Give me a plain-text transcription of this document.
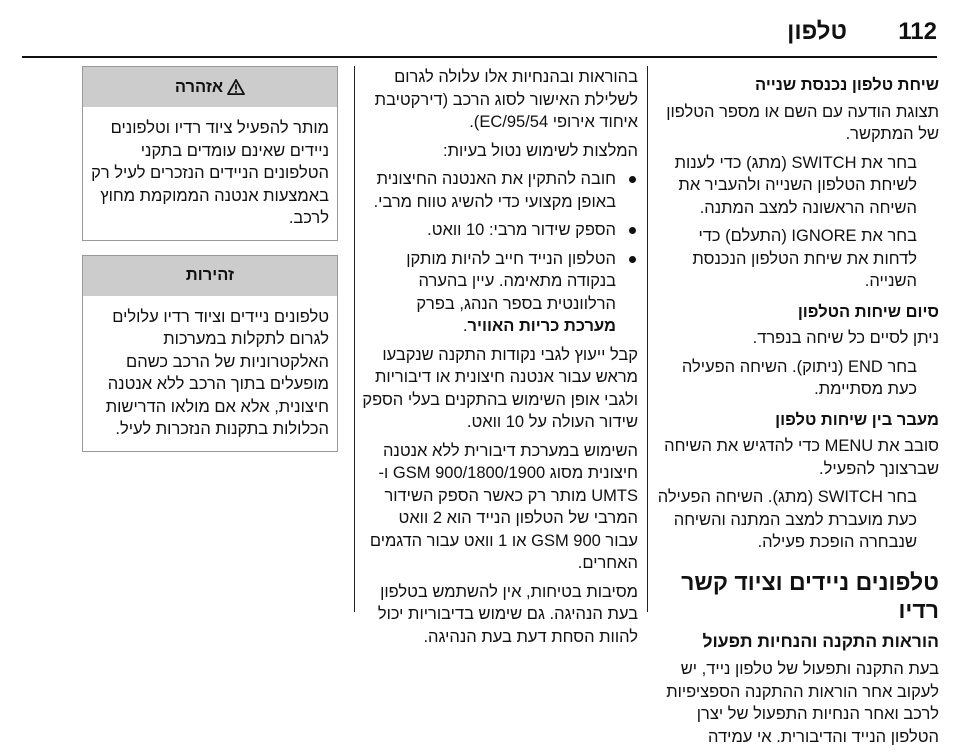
112
טלפון
שיחת טלפון נכנסת שנייה

תצוגת הודעה עם השם או מספר הטלפון של המתקשר.

בחר את SWITCH (מתג) כדי לענות לשיחת הטלפון השנייה ולהעביר את השיחה הראשונה למצב המתנה.

בחר את IGNORE (התעלם) כדי לדחות את שיחת הטלפון הנכנסת השנייה.

סיום שיחות הטלפון

ניתן לסיים כל שיחה בנפרד.

בחר END (ניתוק). השיחה הפעילה כעת מסתיימת.

מעבר בין שיחות טלפון

סובב את MENU כדי להדגיש את השיחה שברצונך להפעיל.

בחר SWITCH (מתג). השיחה הפעילה כעת מועברת למצב המתנה והשיחה שנבחרה הופכת פעילה.

טלפונים ניידים וציוד קשר רדיו

הוראות התקנה והנחיות תפעול

בעת התקנה ותפעול של טלפון נייד, יש לעקוב אחר הוראות ההתקנה הספציפיות לרכב ואחר הנחיות התפעול של יצרן הטלפון הנייד והדיבורית. אי עמידה

בהוראות ובהנחיות אלו עלולה לגרום לשלילת האישור לסוג הרכב (דירקטיבת איחוד אירופי 95/54/EC).

המלצות לשימוש נטול בעיות:

חובה להתקין את האנטנה החיצונית באופן מקצועי כדי להשיג טווח מרבי.
הספק שידור מרבי: 10 וואט.
הטלפון הנייד חייב להיות מותקן בנקודה מתאימה. עיין בהערה הרלוונטית בספר הנהג, בפרק מערכת כריות האוויר.

קבל ייעוץ לגבי נקודות התקנה שנקבעו מראש עבור אנטנה חיצונית או דיבוריות ולגבי אופן השימוש בהתקנים בעלי הספק שידור העולה על 10 וואט.

השימוש במערכת דיבורית ללא אנטנה חיצונית מסוג GSM 900/1800/1900 ו-UMTS מותר רק כאשר הספק השידור המרבי של הטלפון הנייד הוא 2 וואט עבור GSM 900 או 1 וואט עבור הדגמים האחרים.

מסיבות בטיחות, אין להשתמש בטלפון בעת הנהיגה. גם שימוש בדיבוריות יכול להוות הסחת דעת בעת הנהיגה.

אזהרה
מותר להפעיל ציוד רדיו וטלפונים ניידים שאינם עומדים בתקני הטלפונים הניידים הנזכרים לעיל רק באמצעות אנטנה הממוקמת מחוץ לרכב.
זהירות
טלפונים ניידים וציוד רדיו עלולים לגרום לתקלות במערכות האלקטרוניות של הרכב כשהם מופעלים בתוך הרכב ללא אנטנה חיצונית, אלא אם מולאו הדרישות הכלולות בתקנות הנזכרות לעיל.
